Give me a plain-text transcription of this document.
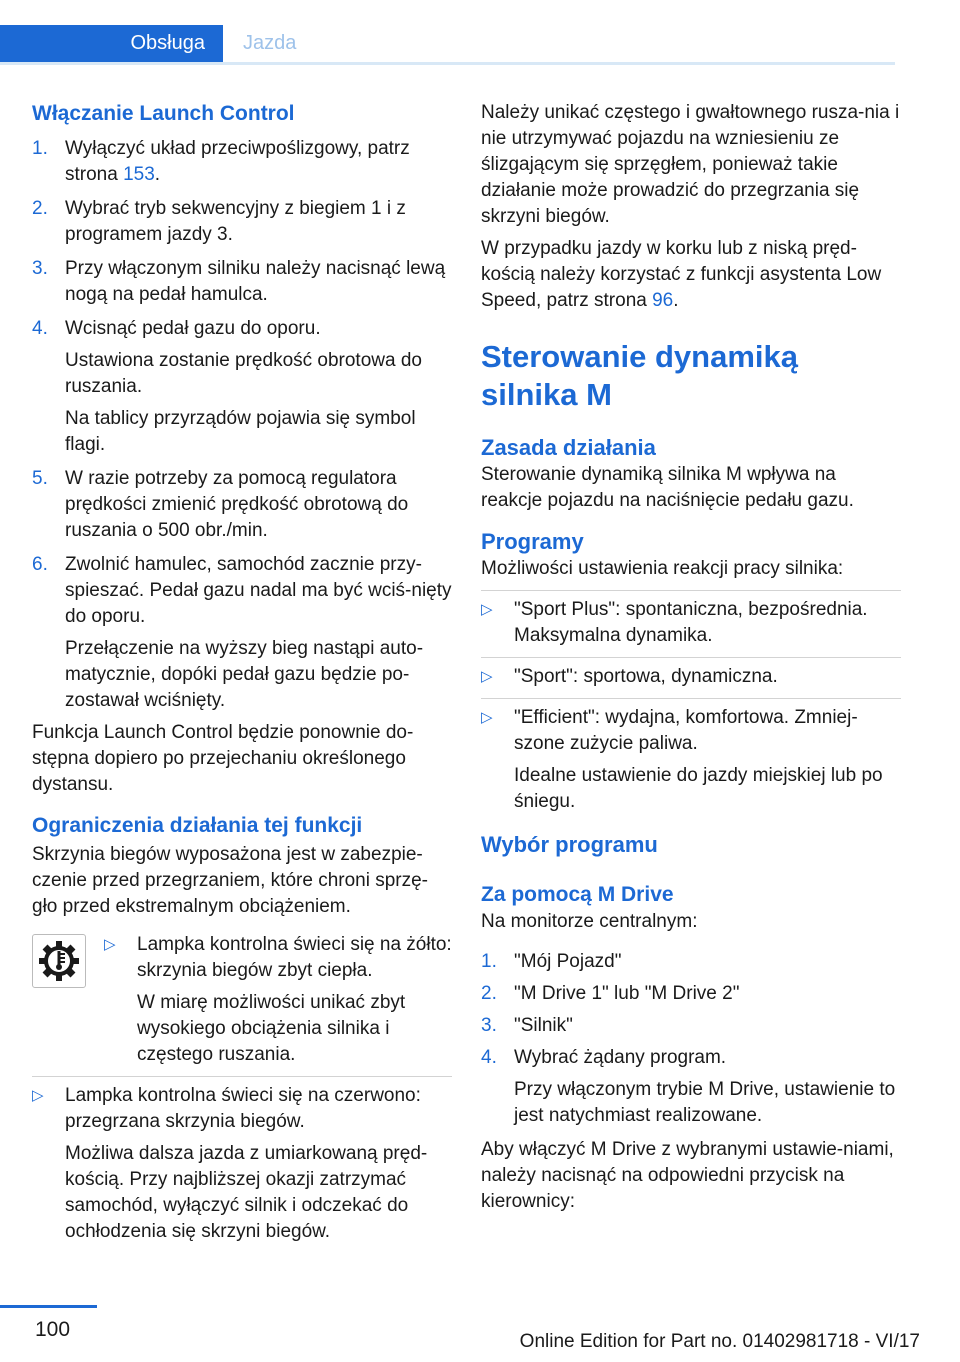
Obsługa	Jazda
Włączanie Launch Control
1. Wyłączyć układ przeciwpoślizgowy, patrz strona 153.
2. Wybrać tryb sekwencyjny z biegiem 1 i z programem jazdy 3.
3. Przy włączonym silniku należy nacisnąć lewą nogą na pedał hamulca.
4. Wcisnąć pedał gazu do oporu.

Ustawiona zostanie prędkość obrotowa do ruszania.

Na tablicy przyrządów pojawia się symbol flagi.

5. W razie potrzeby za pomocą regulatora prędkości zmienić prędkość obrotową do ruszania o 500 obr./min.
6. Zwolnić hamulec, samochód zacznie przy-spieszać. Pedał gazu nadal ma być wciś-nięty do oporu.

Przełączenie na wyższy bieg nastąpi auto-matycznie, dopóki pedał gazu będzie po-zostawał wciśnięty.

Funkcja Launch Control będzie ponownie do-stępna dopiero po przejechaniu określonego dystansu.

Ograniczenia działania tej funkcji

Skrzynia biegów wyposażona jest w zabezpie-czenie przed przegrzaniem, które chroni sprzę-gło przed ekstremalnym obciążeniem.

▷ Lampka kontrolna świeci się na żółto: skrzynia biegów zbyt ciepła.

W miarę możliwości unikać zbyt wysokiego obciążenia silnika i częstego ruszania.

▷ Lampka kontrolna świeci się na czerwono: przegrzana skrzynia biegów.

Możliwa dalsza jazda z umiarkowaną pręd-kością. Przy najbliższej okazji zatrzymać samochód, wyłączyć silnik i odczekać do ochłodzenia się skrzyni biegów.

Należy unikać częstego i gwałtownego rusza-nia i nie utrzymywać pojazdu na wzniesieniu ze ślizgającym się sprzęgłem, ponieważ takie działanie może prowadzić do przegrzania się skrzyni biegów.

W przypadku jazdy w korku lub z niską pręd-kością należy korzystać z funkcji asystenta Low Speed, patrz strona 96.

Sterowanie dynamiką silnika M
Zasada działania

Sterowanie dynamiką silnika M wpływa na reakcje pojazdu na naciśnięcie pedału gazu.

Programy

Możliwości ustawienia reakcji pracy silnika:

▷ "Sport Plus": spontaniczna, bezpośrednia. Maksymalna dynamika.
▷ "Sport": sportowa, dynamiczna.
▷ "Efficient": wydajna, komfortowa. Zmniej-szone zużycie paliwa.

Idealne ustawienie do jazdy miejskiej lub po śniegu.

Wybór programu
Za pomocą M Drive

Na monitorze centralnym:

1. "Mój Pojazd"
2. "M Drive 1" lub "M Drive 2"
3. "Silnik"
4. Wybrać żądany program.

Przy włączonym trybie M Drive, ustawienie to jest natychmiast realizowane.

Aby włączyć M Drive z wybranymi ustawie-niami, należy nacisnąć na odpowiedni przycisk na kierownicy:

100
Online Edition for Part no. 01402981718 - VI/17
